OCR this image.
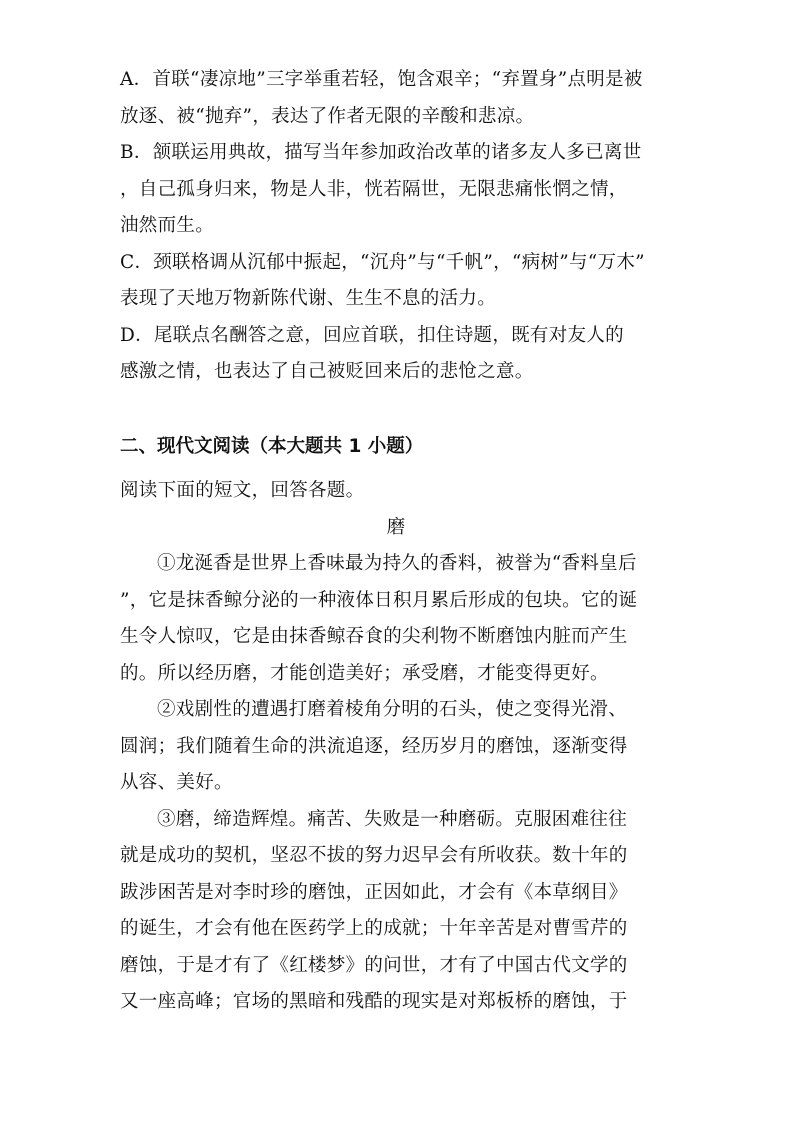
A．首联“凄凉地”三字举重若轻，饱含艰辛；“弃置身”点明是被
放逐、被“抛弃”，表达了作者无限的辛酸和悲凉。
B．颔联运用典故，描写当年参加政治改革的诸多友人多已离世
，自己孤身归来，物是人非，恍若隔世，无限悲痛怅惘之情，
油然而生。
C．颈联格调从沉郁中振起，“沉舟”与“千帆”，“病树”与“万木”
表现了天地万物新陈代谢、生生不息的活力。
D．尾联点名酬答之意，回应首联，扣住诗题，既有对友人的
感激之情，也表达了自己被贬回来后的悲怆之意。
二、现代文阅读（本大题共 1 小题）
阅读下面的短文，回答各题。
磨
①龙涎香是世界上香味最为持久的香料，被誉为“香料皇后
”，它是抹香鲸分泌的一种液体日积月累后形成的包块。它的诞
生令人惊叹，它是由抹香鲸吞食的尖利物不断磨蚀内脏而产生
的。所以经历磨，才能创造美好；承受磨，才能变得更好。
②戏剧性的遭遇打磨着棱角分明的石头，使之变得光滑、
圆润；我们随着生命的洪流追逐，经历岁月的磨蚀，逐渐变得
从容、美好。
③磨，缔造辉煌。痛苦、失败是一种磨砺。克服困难往往
就是成功的契机，坚忍不拔的努力迟早会有所收获。数十年的
跋涉困苦是对李时珍的磨蚀，正因如此，才会有《本草纲目》
的诞生，才会有他在医药学上的成就；十年辛苦是对曹雪芹的
磨蚀，于是才有了《红楼梦》的问世，才有了中国古代文学的
又一座高峰；官场的黑暗和残酷的现实是对郑板桥的磨蚀，于
